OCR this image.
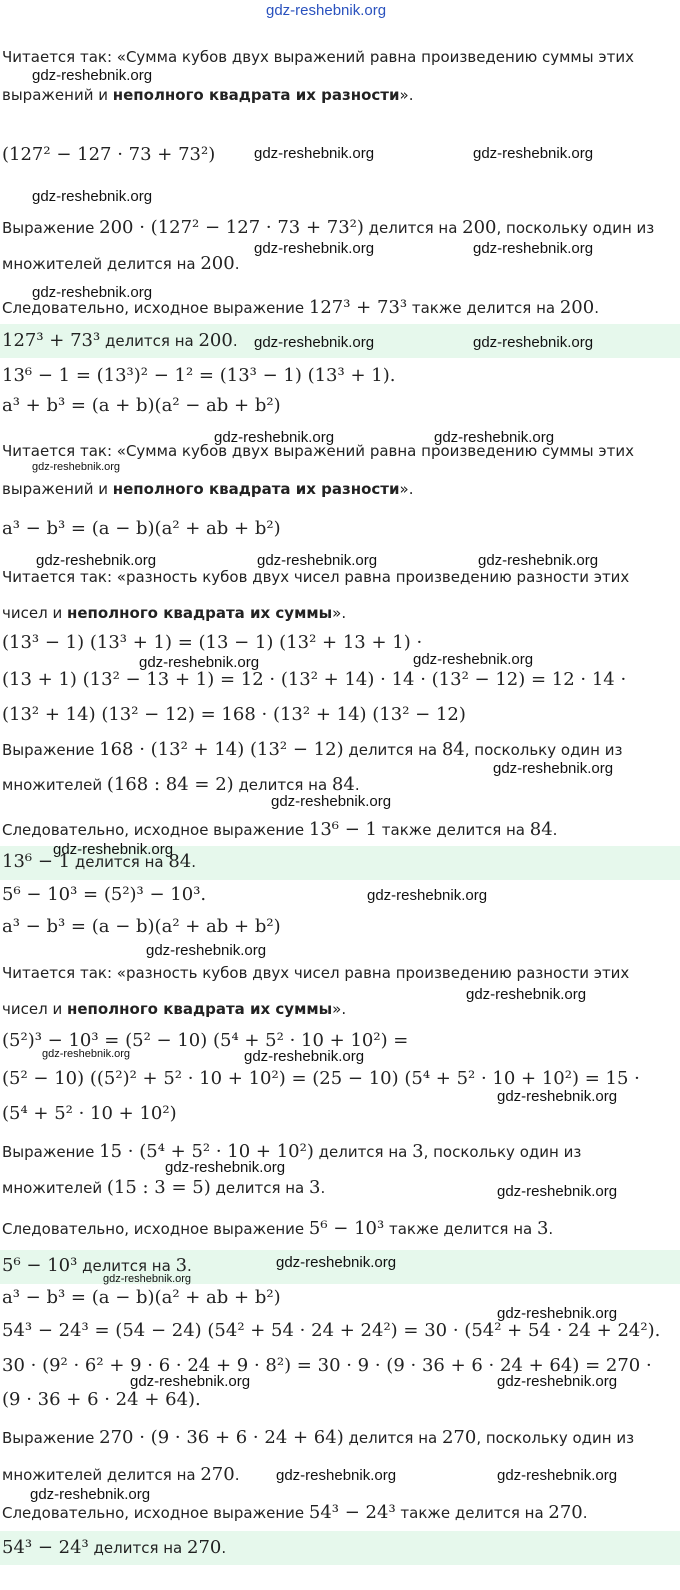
gdz-reshebnik.org
gdz-reshebnik.org
gdz-reshebnik.org	gdz-reshebnik.org
gdz-reshebnik.org
gdz-reshebnik.org	gdz-reshebnik.org
gdz-reshebnik.org
gdz-reshebnik.org	gdz-reshebnik.org
gdz-reshebnik.org	gdz-reshebnik.org
gdz-reshebnik.org
gdz-reshebnik.org	gdz-reshebnik.org	gdz-reshebnik.org
gdz-reshebnik.org	gdz-reshebnik.org
gdz-reshebnik.org
gdz-reshebnik.org
gdz-reshebnik.org
gdz-reshebnik.org
gdz-reshebnik.org
gdz-reshebnik.org
gdz-reshebnik.org	gdz-reshebnik.org
gdz-reshebnik.org
gdz-reshebnik.org
gdz-reshebnik.org
gdz-reshebnik.org
gdz-reshebnik.org
gdz-reshebnik.org
gdz-reshebnik.org	gdz-reshebnik.org
gdz-reshebnik.org	gdz-reshebnik.org
gdz-reshebnik.org
Читается так: «Сумма кубов двух выражений равна произведению суммы этих
выражений и неполного квадрата их разности».
(127² − 127 · 73 + 73²)
Выражение 200 · (127² − 127 · 73 + 73²) делится на 200, поскольку один из
множителей делится на 200.
Следовательно, исходное выражение 127³ + 73³ также делится на 200.
127³ + 73³ делится на 200.
13⁶ − 1 = (13³)² − 1² = (13³ − 1) (13³ + 1).
a³ + b³ = (a + b)(a² − ab + b²)
Читается так: «Сумма кубов двух выражений равна произведению суммы этих
выражений и неполного квадрата их разности».
a³ − b³ = (a − b)(a² + ab + b²)
Читается так: «разность кубов двух чисел равна произведению разности этих
чисел и неполного квадрата их суммы».
(13³ − 1) (13³ + 1) = (13 − 1) (13² + 13 + 1) ·
(13 + 1) (13² − 13 + 1) = 12 · (13² + 14) · 14 · (13² − 12) = 12 · 14 ·
(13² + 14) (13² − 12) = 168 · (13² + 14) (13² − 12)
Выражение 168 · (13² + 14) (13² − 12) делится на 84, поскольку один из
множителей (168 : 84 = 2) делится на 84.
Следовательно, исходное выражение 13⁶ − 1 также делится на 84.
13⁶ − 1 делится на 84.
5⁶ − 10³ = (5²)³ − 10³.
a³ − b³ = (a − b)(a² + ab + b²)
Читается так: «разность кубов двух чисел равна произведению разности этих
чисел и неполного квадрата их суммы».
(5²)³ − 10³ = (5² − 10) (5⁴ + 5² · 10 + 10²) =
(5² − 10) ((5²)² + 5² · 10 + 10²) = (25 − 10) (5⁴ + 5² · 10 + 10²) = 15 ·
(5⁴ + 5² · 10 + 10²)
Выражение 15 · (5⁴ + 5² · 10 + 10²) делится на 3, поскольку один из
множителей (15 : 3 = 5) делится на 3.
Следовательно, исходное выражение 5⁶ − 10³ также делится на 3.
5⁶ − 10³ делится на 3.
a³ − b³ = (a − b)(a² + ab + b²)
54³ − 24³ = (54 − 24) (54² + 54 · 24 + 24²) = 30 · (54² + 54 · 24 + 24²).
30 · (9² · 6² + 9 · 6 · 24 + 9 · 8²) = 30 · 9 · (9 · 36 + 6 · 24 + 64) = 270 ·
(9 · 36 + 6 · 24 + 64).
Выражение 270 · (9 · 36 + 6 · 24 + 64) делится на 270, поскольку один из
множителей делится на 270.
Следовательно, исходное выражение 54³ − 24³ также делится на 270.
54³ − 24³ делится на 270.
